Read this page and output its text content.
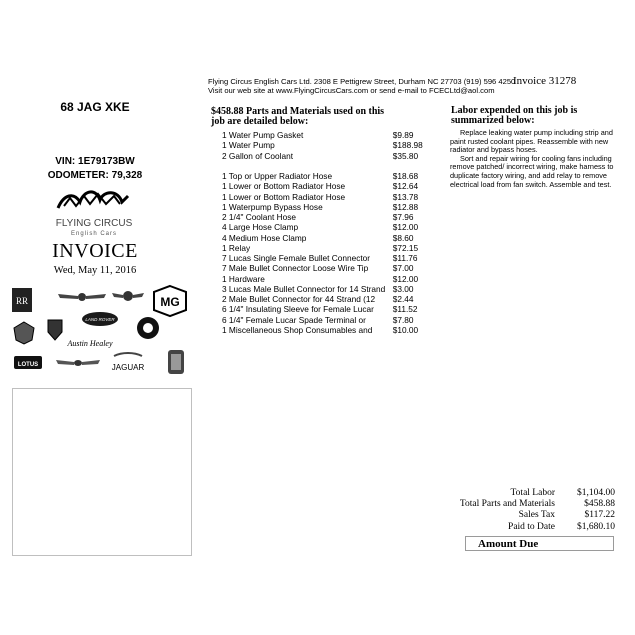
Flying Circus English Cars Ltd. 2308 E Pettigrew Street, Durham NC 27703 (919) 596 4250
Visit our web site at www.FlyingCircusCars.com or send e-mail to FCECLtd@aol.com
Invoice 31278
68 JAG XKE
VIN: 1E79173BW
ODOMETER: 79,328
FLYING CIRCUS
English Cars
INVOICE
Wed, May 11, 2016
RR	MG
LAND ROVER
Austin Healey
LOTUS	JAGUAR
$458.88 Parts and Materials used on this
job are detailed below:
1 Water Pump Gasket	$9.89
1 Water Pump	$188.98
2 Gallon of Coolant	$35.80
1 Top or Upper Radiator Hose	$18.68
1 Lower or Bottom Radiator Hose	$12.64
1 Lower or Bottom Radiator Hose	$13.78
1 Waterpump Bypass Hose	$12.88
2 1/4" Coolant Hose	$7.96
4 Large Hose Clamp	$12.00
4 Medium Hose Clamp	$8.60
1 Relay	$72.15
7 Lucas Single Female Bullet Connector	$11.76
7 Male Bullet Connector Loose Wire Tip	$7.00
1 Hardware	$12.00
3 Lucas Male Bullet Connector for 14 Strand $3.00
2 Male Bullet Connector for 44 Strand (12	$2.44
6 1/4" Insulating Sleeve for Female Lucar	$11.52
6 1/4" Female Lucar Spade Terminal or	$7.80
1 Miscellaneous Shop Consumables and	$10.00
Labor expended on this job is
summarized below:

Replace leaking water pump including strip and paint rusted coolant pipes. Reassemble with new radiator and bypass hoses.

Sort and repair wiring for cooling fans including remove patched/ incorrect wiring, make harness to duplicate factory wiring, and add relay to remove electrical load from fan switch. Assemble and test.

Total Labor	$1,104.00
Total Parts and Materials	$458.88
Sales Tax	$117.22
Paid to Date	$1,680.10
Amount Due
